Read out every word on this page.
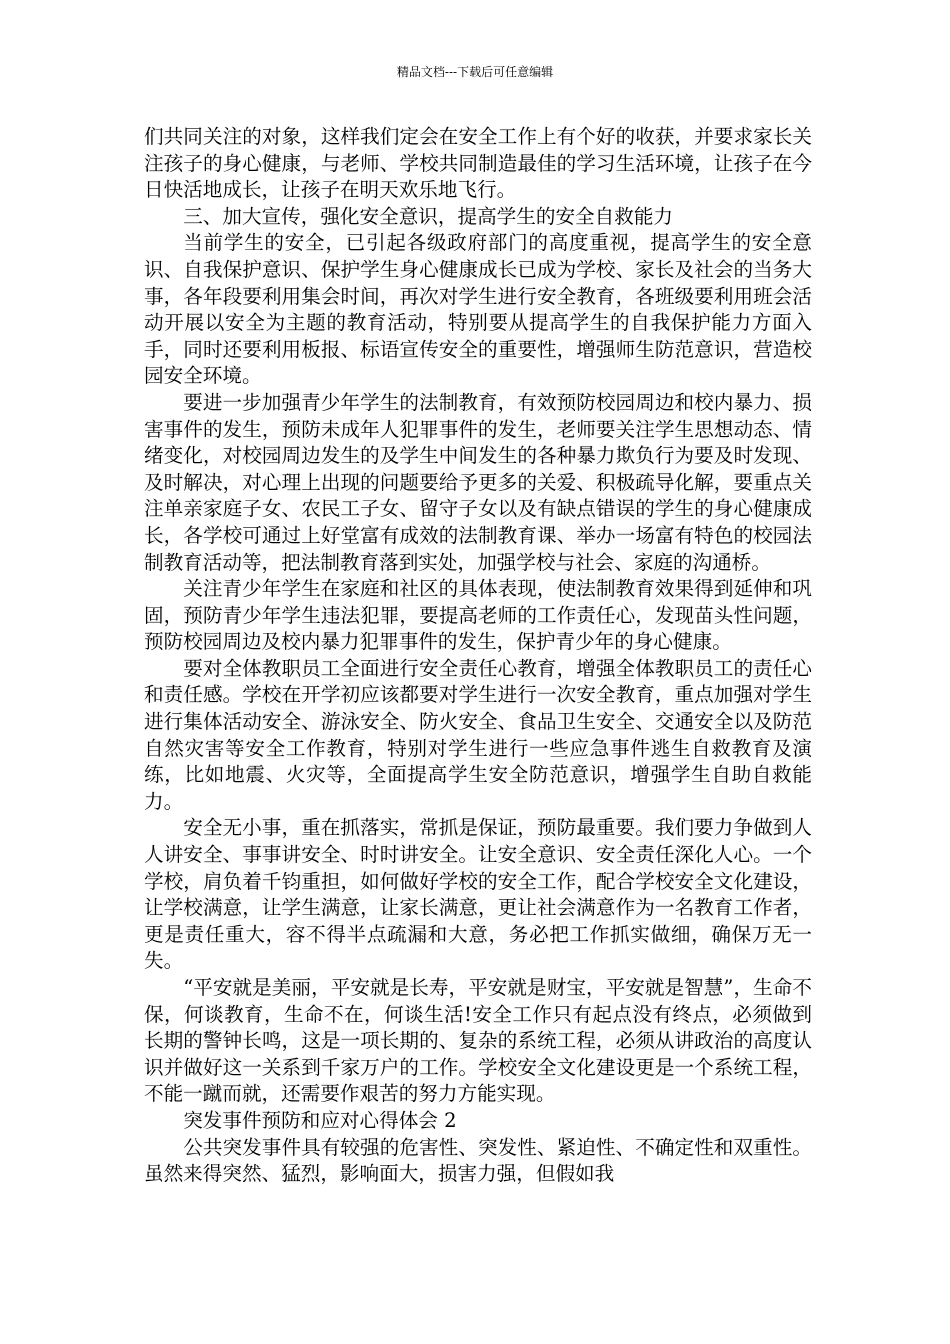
精品文档---下载后可任意编辑

们共同关注的对象，这样我们定会在安全工作上有个好的收获，并要求家长关注孩子的身心健康，与老师、学校共同制造最佳的学习生活环境，让孩子在今日快活地成长，让孩子在明天欢乐地飞行。

三、加大宣传，强化安全意识，提高学生的安全自救能力

当前学生的安全，已引起各级政府部门的高度重视，提高学生的安全意识、自我保护意识、保护学生身心健康成长已成为学校、家长及社会的当务大事，各年段要利用集会时间，再次对学生进行安全教育，各班级要利用班会活动开展以安全为主题的教育活动，特别要从提高学生的自我保护能力方面入手，同时还要利用板报、标语宣传安全的重要性，增强师生防范意识，营造校园安全环境。

要进一步加强青少年学生的法制教育，有效预防校园周边和校内暴力、损害事件的发生，预防未成年人犯罪事件的发生，老师要关注学生思想动态、情绪变化，对校园周边发生的及学生中间发生的各种暴力欺负行为要及时发现、及时解决，对心理上出现的问题要给予更多的关爱、积极疏导化解，要重点关注单亲家庭子女、农民工子女、留守子女以及有缺点错误的学生的身心健康成长，各学校可通过上好堂富有成效的法制教育课、举办一场富有特色的校园法制教育活动等，把法制教育落到实处，加强学校与社会、家庭的沟通桥。

关注青少年学生在家庭和社区的具体表现，使法制教育效果得到延伸和巩固，预防青少年学生违法犯罪，要提高老师的工作责任心，发现苗头性问题，预防校园周边及校内暴力犯罪事件的发生，保护青少年的身心健康。

要对全体教职员工全面进行安全责任心教育，增强全体教职员工的责任心和责任感。学校在开学初应该都要对学生进行一次安全教育，重点加强对学生进行集体活动安全、游泳安全、防火安全、食品卫生安全、交通安全以及防范自然灾害等安全工作教育，特别对学生进行一些应急事件逃生自救教育及演练，比如地震、火灾等，全面提高学生安全防范意识，增强学生自助自救能力。

安全无小事，重在抓落实，常抓是保证，预防最重要。我们要力争做到人人讲安全、事事讲安全、时时讲安全。让安全意识、安全责任深化人心。一个学校，肩负着千钧重担，如何做好学校的安全工作，配合学校安全文化建设，让学校满意，让学生满意，让家长满意，更让社会满意作为一名教育工作者，更是责任重大，容不得半点疏漏和大意，务必把工作抓实做细，确保万无一失。

“平安就是美丽，平安就是长寿，平安就是财宝，平安就是智慧”，生命不保，何谈教育，生命不在，何谈生活!安全工作只有起点没有终点，必须做到长期的警钟长鸣，这是一项长期的、复杂的系统工程，必须从讲政治的高度认识并做好这一关系到千家万户的工作。学校安全文化建设更是一个系统工程，不能一蹴而就，还需要作艰苦的努力方能实现。

突发事件预防和应对心得体会 2

公共突发事件具有较强的危害性、突发性、紧迫性、不确定性和双重性。虽然来得突然、猛烈，影响面大，损害力强，但假如我
